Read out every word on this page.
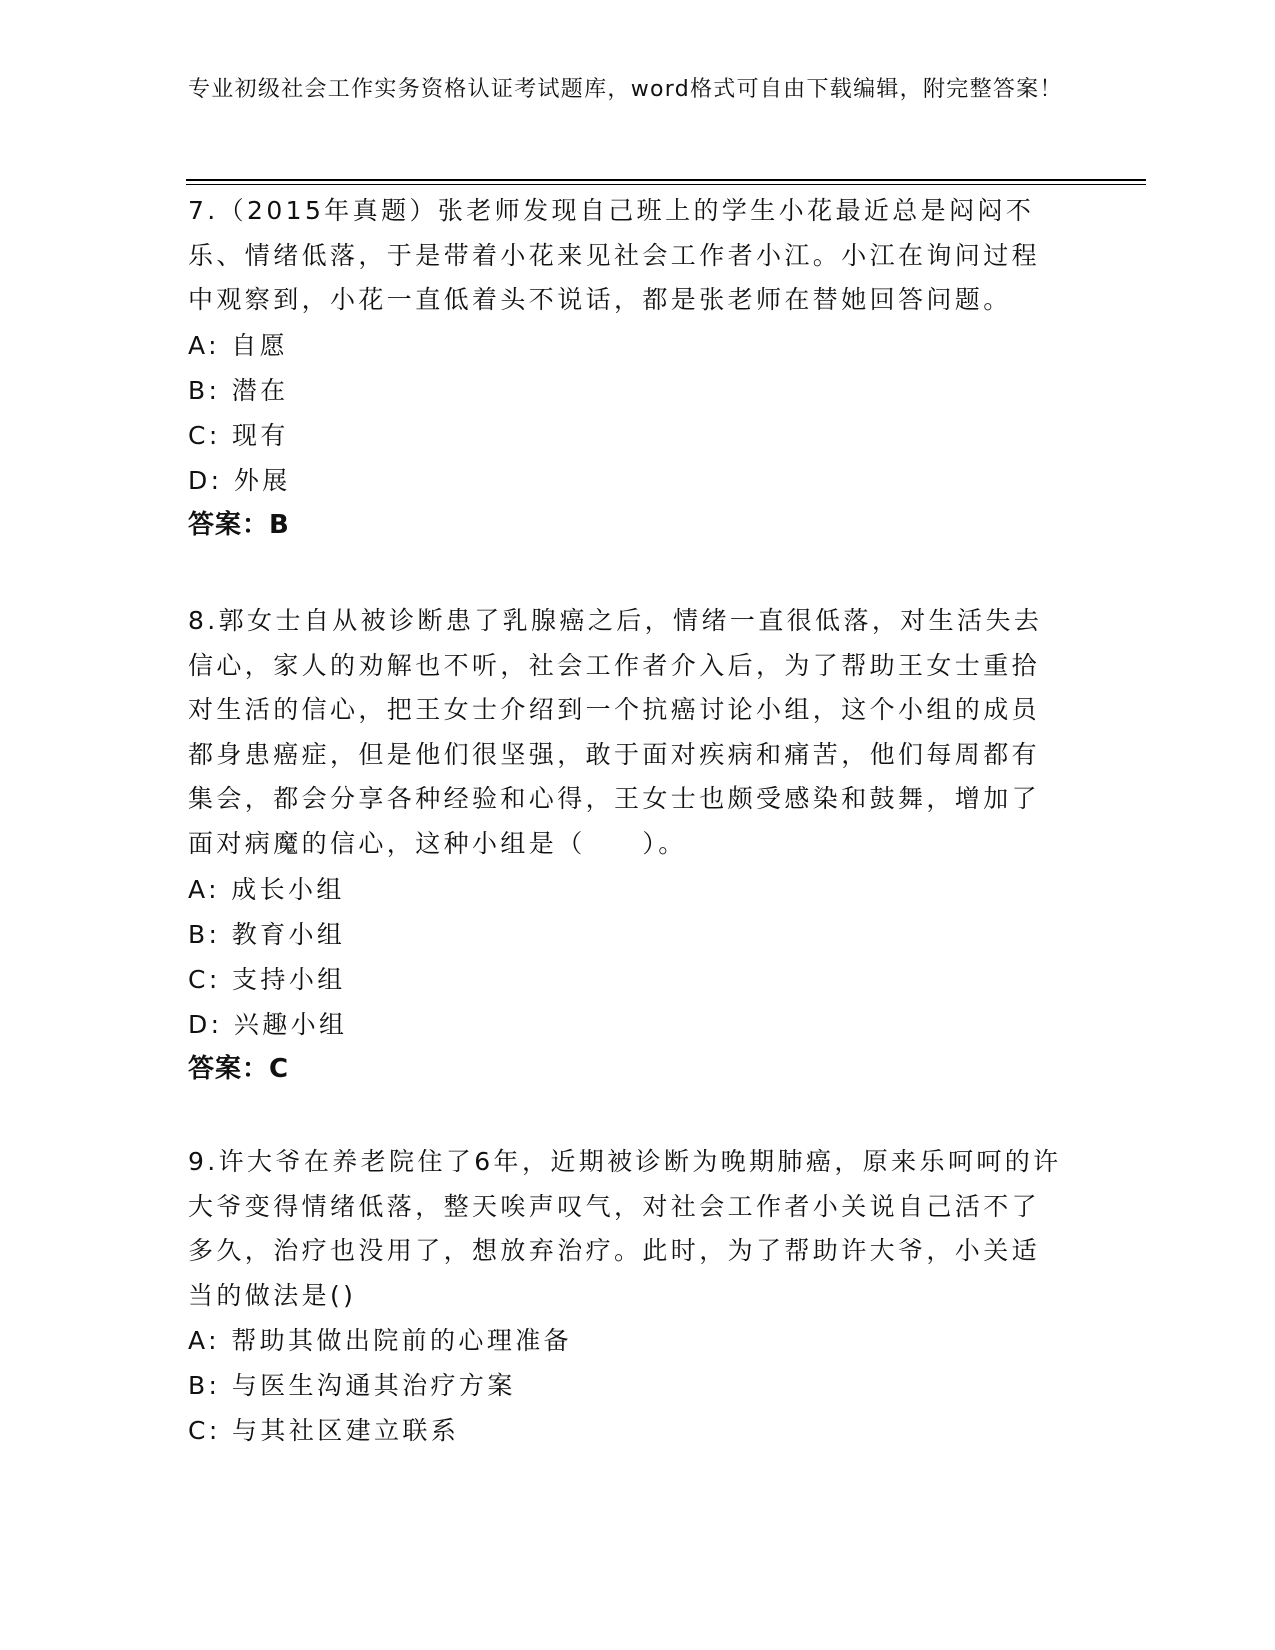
专业初级社会工作实务资格认证考试题库，word格式可自由下载编辑，附完整答案！

7.（2015年真题）张老师发现自己班上的学生小花最近总是闷闷不乐、情绪低落，于是带着小花来见社会工作者小江。小江在询问过程中观察到，小花一直低着头不说话，都是张老师在替她回答问题。

A: 自愿

B: 潜在

C: 现有

D: 外展

答案：B

8.郭女士自从被诊断患了乳腺癌之后，情绪一直很低落，对生活失去信心，家人的劝解也不听，社会工作者介入后，为了帮助王女士重拾对生活的信心，把王女士介绍到一个抗癌讨论小组，这个小组的成员都身患癌症，但是他们很坚强，敢于面对疾病和痛苦，他们每周都有集会，都会分享各种经验和心得，王女士也颇受感染和鼓舞，增加了面对病魔的信心，这种小组是（　　）。

A: 成长小组

B: 教育小组

C: 支持小组

D: 兴趣小组

答案：C

9.许大爷在养老院住了6年，近期被诊断为晚期肺癌，原来乐呵呵的许大爷变得情绪低落，整天唉声叹气，对社会工作者小关说自己活不了多久，治疗也没用了，想放弃治疗。此时，为了帮助许大爷，小关适当的做法是()

A: 帮助其做出院前的心理准备

B: 与医生沟通其治疗方案

C: 与其社区建立联系
